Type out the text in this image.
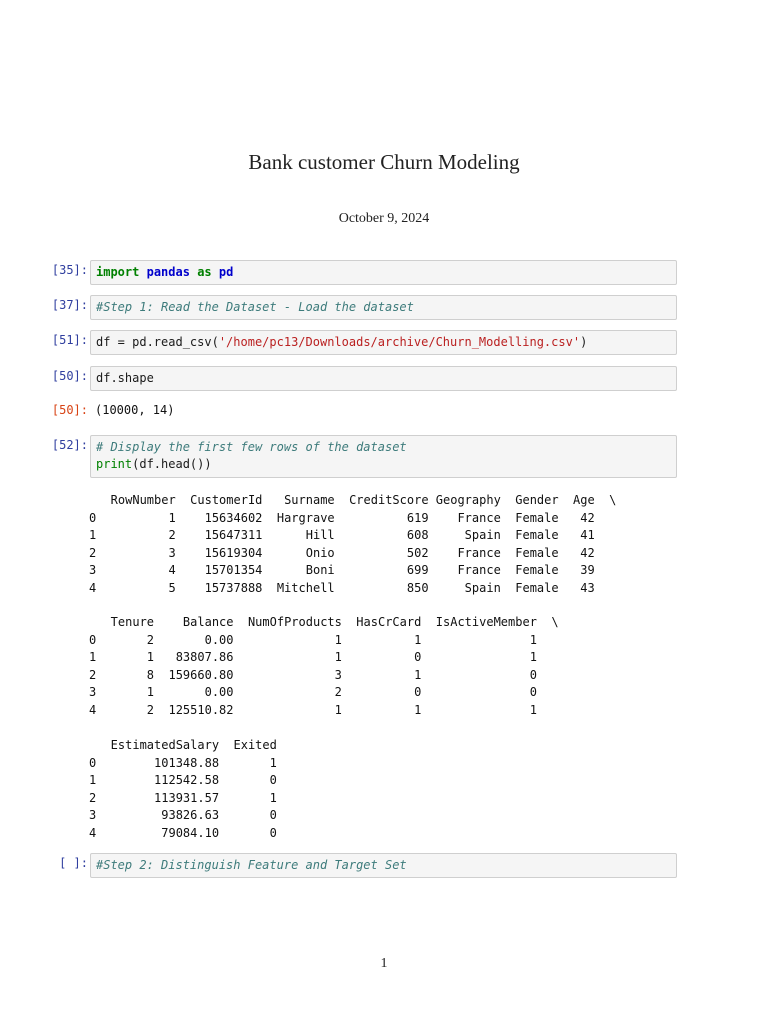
Bank customer Churn Modeling
October 9, 2024
[35]: import pandas as pd
[37]: #Step 1: Read the Dataset - Load the dataset
[51]: df = pd.read_csv('/home/pc13/Downloads/archive/Churn_Modelling.csv')
[50]: df.shape
[50]: (10000, 14)
[52]: # Display the first few rows of the dataset
print(df.head())
RowNumber  CustomerId   Surname  CreditScore Geography  Gender  Age  \
0          1    15634602  Hargrave          619    France  Female   42
1          2    15647311      Hill          608     Spain  Female   41
2          3    15619304      Onio          502    France  Female   42
3          4    15701354      Boni          699    France  Female   39
4          5    15737888  Mitchell          850     Spain  Female   43
Tenure    Balance  NumOfProducts  HasCrCard  IsActiveMember  \
0       2       0.00              1          1               1
1       1   83807.86              1          0               1
2       8  159660.80              3          1               0
3       1       0.00              2          0               0
4       2  125510.82              1          1               1
EstimatedSalary  Exited
0        101348.88       1
1        112542.58       0
2        113931.57       1
3         93826.63       0
4         79084.10       0
[ ]: #Step 2: Distinguish Feature and Target Set
1
